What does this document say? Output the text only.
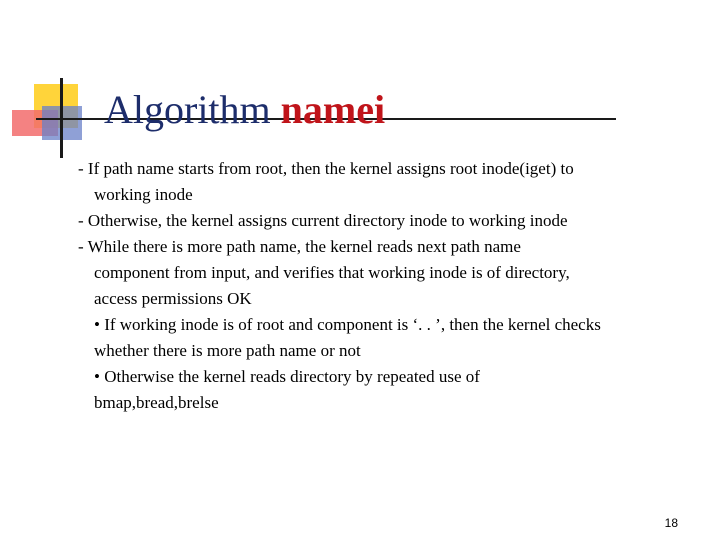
Algorithm namei
- If path name starts from root, then the kernel assigns root inode(iget) to
working inode
- Otherwise, the kernel assigns current directory inode to working inode
- While there is more path name, the kernel reads next path name
component from input, and verifies that working inode is of directory,
access permissions OK
• If working inode is of root and component is ‘. . ’, then the kernel checks
whether there is more path name or not
• Otherwise the kernel reads directory by repeated use of
bmap,bread,brelse
18
